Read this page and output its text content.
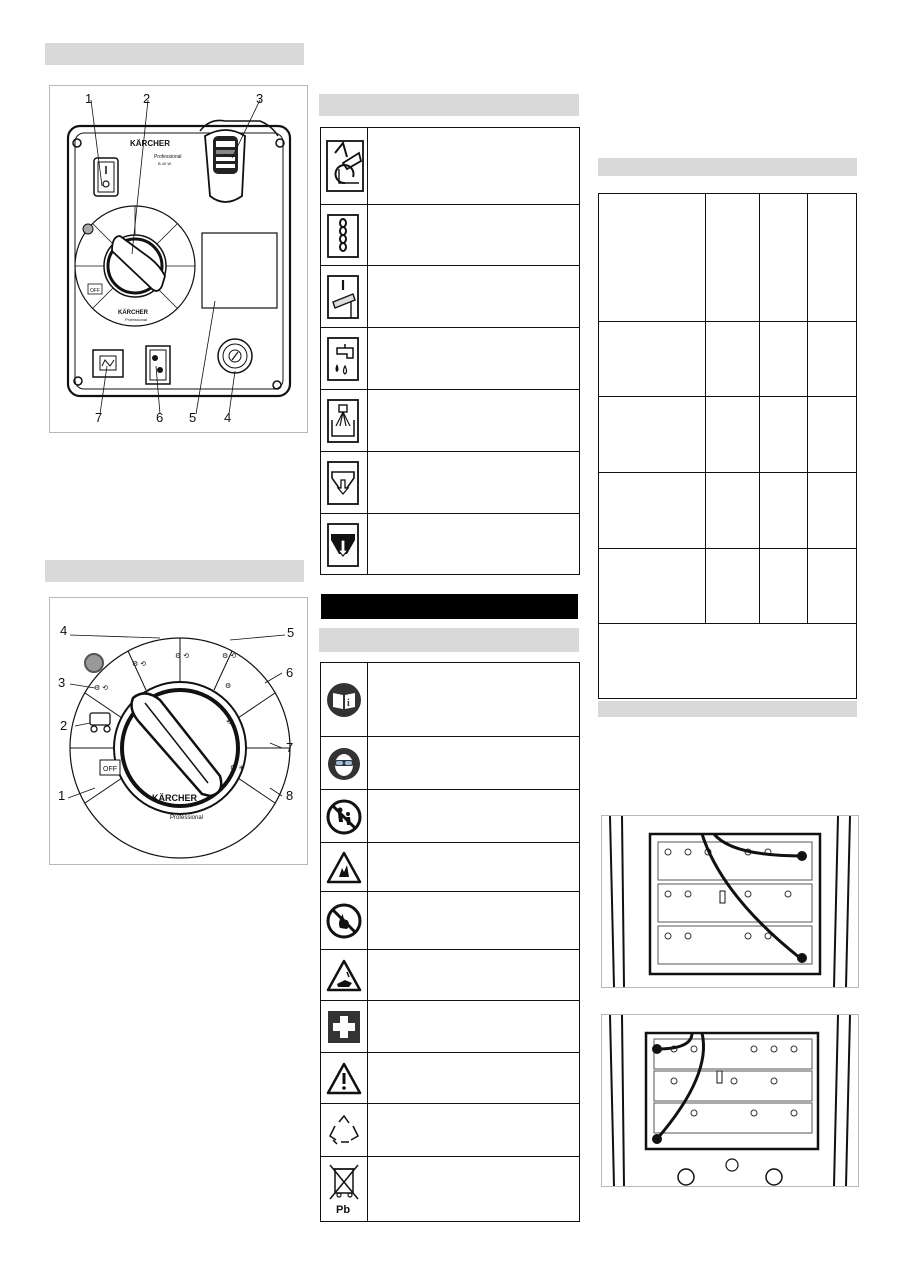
KÄRCHER
Professional
B 40 W
OFF
KÄRCHER
Professional
1	2	3
7	6 5 4
OFF
⚙ ⟲
⚙ ⟲	⚙ ⟲
⚙
⟲
⚙ ✳
⚙ ⟲
KÄRCHER
Professional
4	5
6
3
2
7
1	8
i
Pb
